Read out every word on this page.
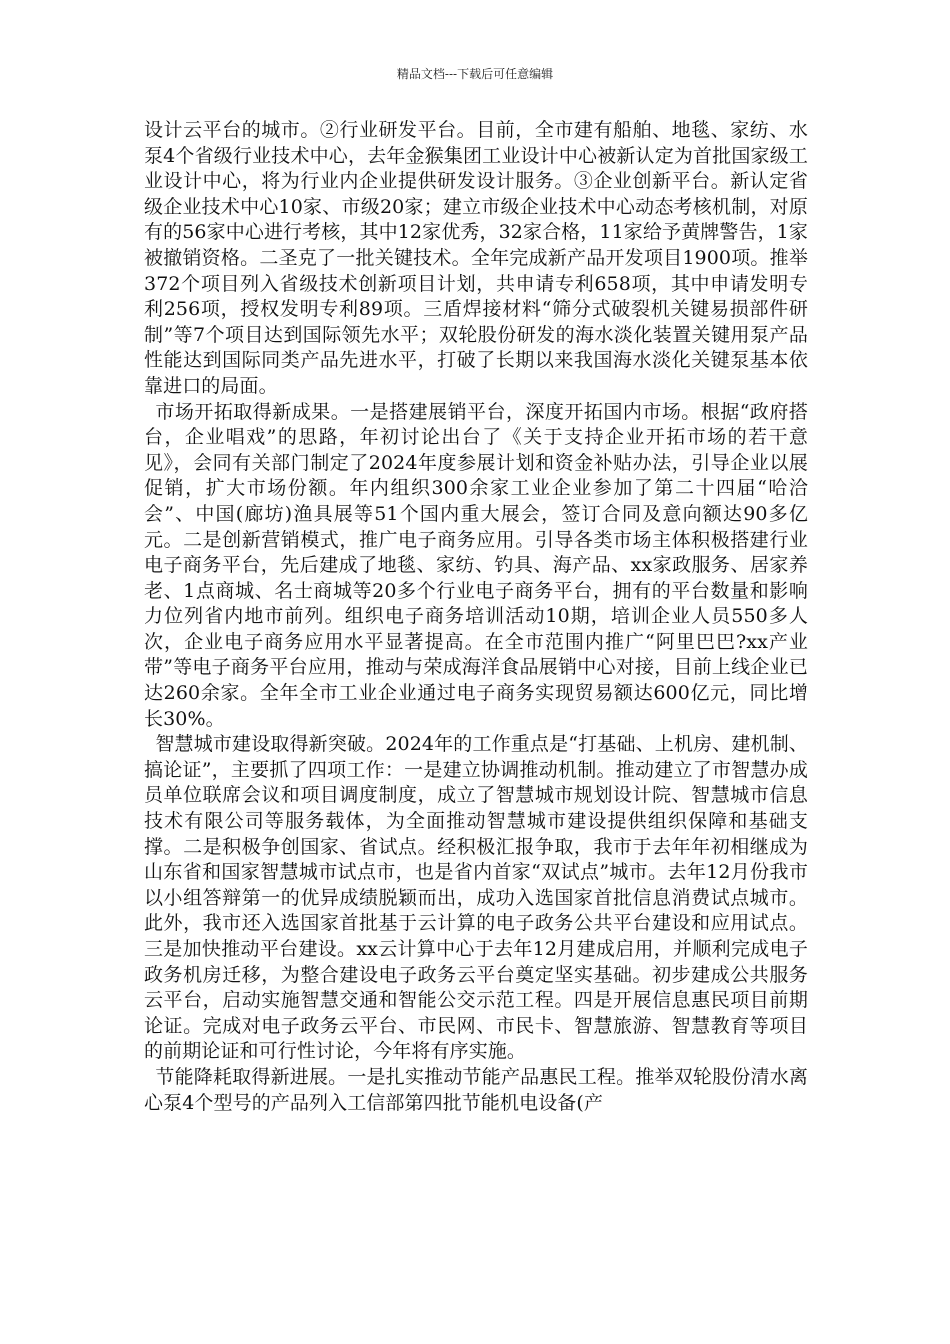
精品文档---下载后可任意编辑

设计云平台的城市。②行业研发平台。目前，全市建有船舶、地毯、家纺、水泵4个省级行业技术中心，去年金猴集团工业设计中心被新认定为首批国家级工业设计中心，将为行业内企业提供研发设计服务。③企业创新平台。新认定省级企业技术中心10家、市级20家；建立市级企业技术中心动态考核机制，对原有的56家中心进行考核，其中12家优秀，32家合格，11家给予黄牌警告，1家被撤销资格。二圣克了一批关键技术。全年完成新产品开发项目1900项。推举372个项目列入省级技术创新项目计划，共申请专利658项，其中申请发明专利256项，授权发明专利89项。三盾焊接材料“筛分式破裂机关键易损部件研制”等7个项目达到国际领先水平；双轮股份研发的海水淡化装置关键用泵产品性能达到国际同类产品先进水平，打破了长期以来我国海水淡化关键泵基本依靠进口的局面。

市场开拓取得新成果。一是搭建展销平台，深度开拓国内市场。根据“政府搭台，企业唱戏”的思路，年初讨论出台了《关于支持企业开拓市场的若干意见》，会同有关部门制定了2024年度参展计划和资金补贴办法，引导企业以展促销，扩大市场份额。年内组织300余家工业企业参加了第二十四届“哈洽会”、中国(廊坊)渔具展等51个国内重大展会，签订合同及意向额达90多亿元。二是创新营销模式，推广电子商务应用。引导各类市场主体积极搭建行业电子商务平台，先后建成了地毯、家纺、钓具、海产品、xx家政服务、居家养老、1点商城、名士商城等20多个行业电子商务平台，拥有的平台数量和影响力位列省内地市前列。组织电子商务培训活动10期，培训企业人员550多人次，企业电子商务应用水平显著提高。在全市范围内推广“阿里巴巴?xx产业带”等电子商务平台应用，推动与荣成海洋食品展销中心对接，目前上线企业已达260余家。全年全市工业企业通过电子商务实现贸易额达600亿元，同比增长30%。

智慧城市建设取得新突破。2024年的工作重点是“打基础、上机房、建机制、搞论证”，主要抓了四项工作：一是建立协调推动机制。推动建立了市智慧办成员单位联席会议和项目调度制度，成立了智慧城市规划设计院、智慧城市信息技术有限公司等服务载体，为全面推动智慧城市建设提供组织保障和基础支撑。二是积极争创国家、省试点。经积极汇报争取，我市于去年年初相继成为山东省和国家智慧城市试点市，也是省内首家“双试点”城市。去年12月份我市以小组答辩第一的优异成绩脱颖而出，成功入选国家首批信息消费试点城市。此外，我市还入选国家首批基于云计算的电子政务公共平台建设和应用试点。三是加快推动平台建设。xx云计算中心于去年12月建成启用，并顺利完成电子政务机房迁移，为整合建设电子政务云平台奠定坚实基础。初步建成公共服务云平台，启动实施智慧交通和智能公交示范工程。四是开展信息惠民项目前期论证。完成对电子政务云平台、市民网、市民卡、智慧旅游、智慧教育等项目的前期论证和可行性讨论，今年将有序实施。

节能降耗取得新进展。一是扎实推动节能产品惠民工程。推举双轮股份清水离心泵4个型号的产品列入工信部第四批节能机电设备(产
